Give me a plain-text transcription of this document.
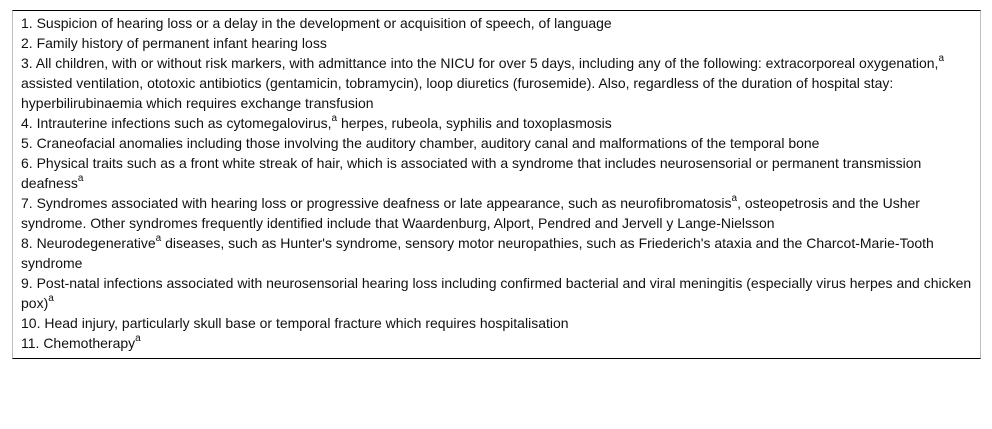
1. Suspicion of hearing loss or a delay in the development or acquisition of speech, of language
2. Family history of permanent infant hearing loss
3. All children, with or without risk markers, with admittance into the NICU for over 5 days, including any of the following: extracorporeal oxygenation,$^a$ assisted ventilation, ototoxic antibiotics (gentamicin, tobramycin), loop diuretics (furosemide). Also, regardless of the duration of hospital stay: hyperbilirubinaemia which requires exchange transfusion
4. Intrauterine infections such as cytomegalovirus,$^a$ herpes, rubeola, syphilis and toxoplasmosis
5. Craneofacial anomalies including those involving the auditory chamber, auditory canal and malformations of the temporal bone
6. Physical traits such as a front white streak of hair, which is associated with a syndrome that includes neurosensorial or permanent transmission deafness$^a$
7. Syndromes associated with hearing loss or progressive deafness or late appearance, such as neurofibromatosis$^a$, osteopetrosis and the Usher syndrome. Other syndromes frequently identified include that Waardenburg, Alport, Pendred and Jervell y Lange-Nielsson
8. Neurodegenerative$^a$ diseases, such as Hunter's syndrome, sensory motor neuropathies, such as Friederich's ataxia and the Charcot-Marie-Tooth syndrome
9. Post-natal infections associated with neurosensorial hearing loss including confirmed bacterial and viral meningitis (especially virus herpes and chicken pox)$^a$
10. Head injury, particularly skull base or temporal fracture which requires hospitalisation
11. Chemotherapy$^a$
